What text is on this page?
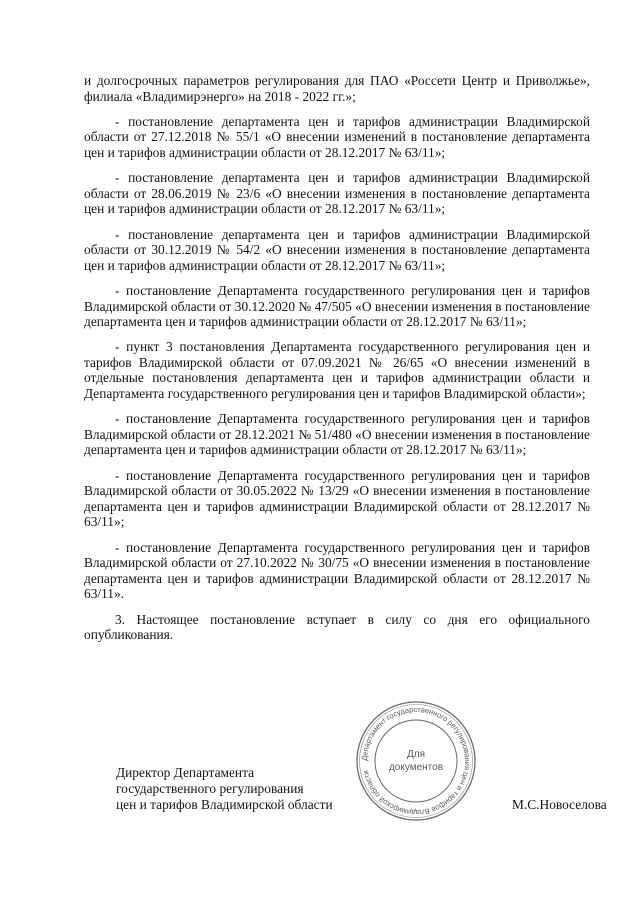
и долгосрочных параметров регулирования для ПАО «Россети Центр и Приволжье», филиала «Владимирэнерго» на 2018 - 2022 гг.»;

- постановление департамента цен и тарифов администрации Владимирской области от 27.12.2018 № 55/1 «О внесении изменений в постановление департамента цен и тарифов администрации области от 28.12.2017 № 63/11»;

- постановление департамента цен и тарифов администрации Владимирской области от 28.06.2019 № 23/6 «О внесении изменения в постановление департамента цен и тарифов администрации области от 28.12.2017 № 63/11»;

- постановление департамента цен и тарифов администрации Владимирской области от 30.12.2019 № 54/2 «О внесении изменения в постановление департамента цен и тарифов администрации области от 28.12.2017 № 63/11»;

- постановление Департамента государственного регулирования цен и тарифов Владимирской области от 30.12.2020 № 47/505 «О внесении изменения в постановление департамента цен и тарифов администрации области от 28.12.2017 № 63/11»;

- пункт 3 постановления Департамента государственного регулирования цен и тарифов Владимирской области от 07.09.2021 № 26/65 «О внесении изменений в отдельные постановления департамента цен и тарифов администрации области и Департамента государственного регулирования цен и тарифов Владимирской области»;

- постановление Департамента государственного регулирования цен и тарифов Владимирской области от 28.12.2021 № 51/480 «О внесении изменения в постановление департамента цен и тарифов администрации области от 28.12.2017 № 63/11»;

- постановление Департамента государственного регулирования цен и тарифов Владимирской области от 30.05.2022 № 13/29 «О внесении изменения в постановление департамента цен и тарифов администрации Владимирской области от 28.12.2017 № 63/11»;

- постановление Департамента государственного регулирования цен и тарифов Владимирской области от 27.10.2022 № 30/75 «О внесении изменения в постановление департамента цен и тарифов администрации Владимирской области от 28.12.2017 № 63/11».

3. Настоящее постановление вступает в силу со дня его официального опубликования.

Директор Департамента
государственного регулирования
цен и тарифов Владимирской области
Департамент государственного регулирования цен и тарифов Владимирской области
Для
документов
М.С.Новоселова
